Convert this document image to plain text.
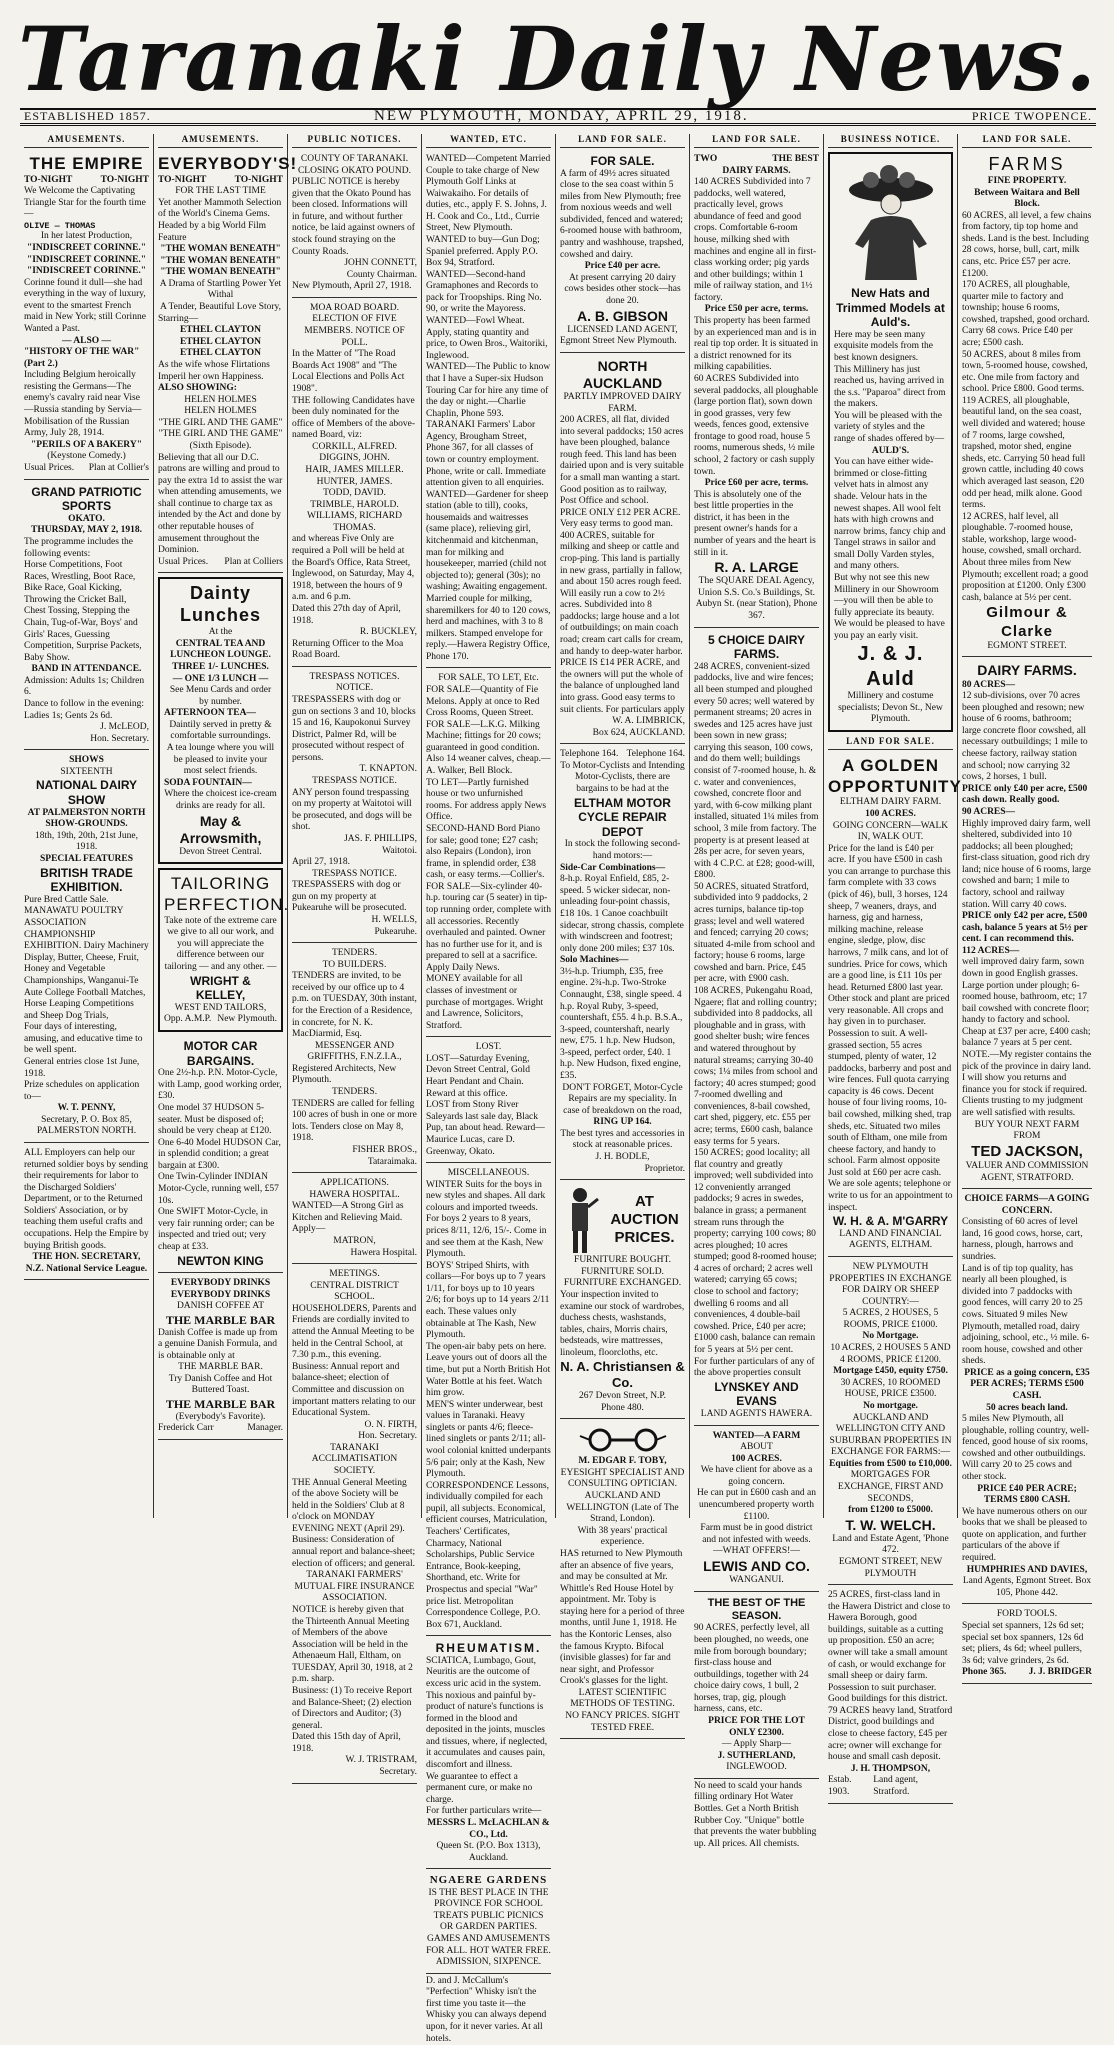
Taranaki Daily News.
ESTABLISHED 1857.	NEW PLYMOUTH, MONDAY, APRIL 29, 1918.	PRICE TWOPENCE.
AMUSEMENTS.
THE EMPIRE
TO-NIGHT	TO-NIGHT
We Welcome the Captivating Triangle Star for the fourth time—
OLIVE — THOMAS
In her latest Production,
"INDISCREET CORINNE."
"INDISCREET CORINNE."
"INDISCREET CORINNE."
Corinne found it dull—she had everything in the way of luxury, event to the smartest French maid in New York; still Corinne Wanted a Past.
— ALSO —
"HISTORY OF THE WAR" (Part 2.)
Including Belgium heroically resisting the Germans—The enemy's cavalry raid near Vise—Russia standing by Servia—Mobilisation of the Russian Army, July 28, 1914.
"PERILS OF A BAKERY"
(Keystone Comedy.)
Usual Prices. Plan at Collier's
GRAND PATRIOTIC SPORTS
OKATO.
THURSDAY, MAY 2, 1918.
The programme includes the following events:
Horse Competitions, Foot Races, Wrestling, Boot Race, Bike Race, Goal Kicking, Throwing the Cricket Ball, Chest Tossing, Stepping the Chain, Tug-of-War, Boys' and Girls' Races, Guessing Competition, Surprise Packets, Baby Show.
BAND IN ATTENDANCE.
Admission: Adults 1s; Children 6.
Dance to follow in the evening: Ladies 1s; Gents 2s 6d.
J. McLEOD,
Hon. Secretary.
SHOWS
SIXTEENTH
NATIONAL DAIRY SHOW
AT PALMERSTON NORTH SHOW-GROUNDS.
18th, 19th, 20th, 21st June, 1918.
SPECIAL FEATURES
BRITISH TRADE EXHIBITION.
Pure Bred Cattle Sale. MANAWATU POULTRY ASSOCIATION CHAMPIONSHIP EXHIBITION. Dairy Machinery Display, Butter, Cheese, Fruit, Honey and Vegetable Championships, Wanganui-Te Aute College Football Matches, Horse Leaping Competitions and Sheep Dog Trials,
Four days of interesting, amusing, and educative time to be well spent.
General entries close 1st June, 1918.
Prize schedules on application to—
W. T. PENNY,
Secretary, P. O. Box 85, PALMERSTON NORTH.
ALL Employers can help our returned soldier boys by sending their requirements for labor to the Discharged Soldiers' Department, or to the Returned Soldiers' Association, or by teaching them useful crafts and occupations. Help the Empire by buying British goods.
THE HON. SECRETARY, N.Z. National Service League.
AMUSEMENTS.
EVERYBODY'S!
TO-NIGHT	TO-NIGHT
FOR THE LAST TIME
Yet another Mammoth Selection of the World's Cinema Gems.
Headed by a big World Film Feature
"THE WOMAN BENEATH"
"THE WOMAN BENEATH"
"THE WOMAN BENEATH"
A Drama of Startling Power Yet Withal
A Tender, Beautiful Love Story,
Starring—
ETHEL CLAYTON
ETHEL CLAYTON
ETHEL CLAYTON
As the wife whose Flirtations Imperil her own Happiness.
ALSO SHOWING:
HELEN HOLMES
HELEN HOLMES
"THE GIRL AND THE GAME"
"THE GIRL AND THE GAME"
(Sixth Episode).
Believing that all our D.C. patrons are willing and proud to pay the extra 1d to assist the war when attending amusements, we shall continue to charge tax as intended by the Act and done by other reputable houses of amusement throughout the Dominion.
Usual Prices. Plan at Colliers
Dainty Lunches
At the
CENTRAL TEA AND LUNCHEON LOUNGE.
THREE 1/- LUNCHES.
— ONE 1/3 LUNCH —
See Menu Cards and order by number.
AFTERNOON TEA—
Daintily served in pretty & comfortable surroundings.
A tea lounge where you will be pleased to invite your most select friends.
SODA FOUNTAIN—
Where the choicest ice-cream drinks are ready for all.
May & Arrowsmith,
Devon Street Central.
TAILORING PERFECTION.
Take note of the extreme care we give to all our work, and you will appreciate the difference between our tailoring — and any other. —
WRIGHT & KELLEY,
WEST END TAILORS,
Opp. A.M.P. New Plymouth.
MOTOR CAR BARGAINS.
One 2½-h.p. P.N. Motor-Cycle, with Lamp, good working order, £30.
One model 37 HUDSON 5-seater. Must be disposed of; should be very cheap at £120.
One 6-40 Model HUDSON Car, in splendid condition; a great bargain at £300.
One Twin-Cylinder INDIAN Motor-Cycle, running well, £57 10s.
One SWIFT Motor-Cycle, in very fair running order; can be inspected and tried out; very cheap at £33.
NEWTON KING
EVERYBODY DRINKS
EVERYBODY DRINKS
DANISH COFFEE AT
THE MARBLE BAR
Danish Coffee is made up from a genuine Danish Formula, and is obtainable only at
THE MARBLE BAR.
Try Danish Coffee and Hot Buttered Toast.
THE MARBLE BAR
(Everybody's Favorite).
Frederick Carr	Manager.
PUBLIC NOTICES.
COUNTY OF TARANAKI.
CLOSING OKATO POUND.
PUBLIC NOTICE is hereby given that the Okato Pound has been closed. Informations will in future, and without further notice, be laid against owners of stock found straying on the County Roads.
JOHN CONNETT,
County Chairman.
New Plymouth, April 27, 1918.
MOA ROAD BOARD.
ELECTION OF FIVE MEMBERS. NOTICE OF POLL.
In the Matter of "The Road Boards Act 1908" and "The Local Elections and Polls Act 1908".
THE following Candidates have been duly nominated for the office of Members of the above-named Board, viz:
CORKILL, ALFRED.
DIGGINS, JOHN.
HAIR, JAMES MILLER.
HUNTER, JAMES.
TODD, DAVID.
TRIMBLE, HAROLD.
WILLIAMS, RICHARD THOMAS.
and whereas Five Only are required a Poll will be held at the Board's Office, Rata Street, Inglewood, on Saturday, May 4, 1918, between the hours of 9 a.m. and 6 p.m.
Dated this 27th day of April, 1918.
R. BUCKLEY,
Returning Officer to the Moa Road Board.
TRESPASS NOTICES.
NOTICE.
TRESPASSERS with dog or gun on sections 3 and 10, blocks 15 and 16, Kaupokonui Survey District, Palmer Rd, will be prosecuted without respect of persons.
T. KNAPTON.
TRESPASS NOTICE.
ANY person found trespassing on my property at Waitotoi will be prosecuted, and dogs will be shot.
JAS. F. PHILLIPS,
Waitotoi.
April 27, 1918.
TRESPASS NOTICE.
TRESPASSERS with dog or gun on my property at Pukearuhe will be prosecuted.
H. WELLS,
Pukearuhe.
TENDERS.
TO BUILDERS.
TENDERS are invited, to be received by our office up to 4 p.m. on TUESDAY, 30th instant, for the Erection of a Residence, in concrete, for N. K. MacDiarmid, Esq.
MESSENGER AND GRIFFITHS, F.N.Z.I.A.,
Registered Architects, New Plymouth.
TENDERS.
TENDERS are called for felling 100 acres of bush in one or more lots. Tenders close on May 8, 1918.
FISHER BROS.,
Tataraimaka.
APPLICATIONS.
HAWERA HOSPITAL.
WANTED—A Strong Girl as Kitchen and Relieving Maid. Apply—
MATRON,
Hawera Hospital.
MEETINGS.
CENTRAL DISTRICT SCHOOL.
HOUSEHOLDERS, Parents and Friends are cordially invited to attend the Annual Meeting to be held in the Central School, at 7.30 p.m., this evening. Business: Annual report and balance-sheet; election of Committee and discussion on important matters relating to our Educational System.
O. N. FIRTH,
Hon. Secretary.
TARANAKI ACCLIMATISATION SOCIETY.
THE Annual General Meeting of the above Society will be held in the Soldiers' Club at 8 o'clock on MONDAY EVENING NEXT (April 29). Business: Consideration of annual report and balance-sheet; election of officers; and general.
TARANAKI FARMERS' MUTUAL FIRE INSURANCE ASSOCIATION.
NOTICE is hereby given that the Thirteenth Annual Meeting of Members of the above Association will be held in the Athenaeum Hall, Eltham, on TUESDAY, April 30, 1918, at 2 p.m. sharp.
Business: (1) To receive Report and Balance-Sheet; (2) election of Directors and Auditor; (3) general.
Dated this 15th day of April, 1918.
W. J. TRISTRAM,
Secretary.
WANTED, ETC.
WANTED—Competent Married Couple to take charge of New Plymouth Golf Links at Waiwakaiho. For details of duties, etc., apply F. S. Johns, J. H. Cook and Co., Ltd., Currie Street, New Plymouth.
WANTED to buy—Gun Dog; Spaniel preferred. Apply P.O. Box 94, Stratford.
WANTED—Second-hand Gramaphones and Records to pack for Troopships. Ring No. 90, or write the Mayoress.
WANTED—Fowl Wheat. Apply, stating quantity and price, to Owen Bros., Waitoriki, Inglewood.
WANTED—The Public to know that I have a Super-six Hudson Touring Car for hire any time of the day or night.—Charlie Chaplin, Phone 593.
TARANAKI Farmers' Labor Agency, Brougham Street, Phone 367, for all classes of town or country employment. Phone, write or call. Immediate attention given to all enquiries.
WANTED—Gardener for sheep station (able to till), cooks, housemaids and waitresses (same place), relieving girl, kitchenmaid and kitchenman, man for milking and housekeeper, married (child not objected to); general (30s); no washing; Awaiting engagement. Married couple for milking, sharemilkers for 40 to 120 cows, herd and machines, with 3 to 8 milkers. Stamped envelope for reply.—Hawera Registry Office, Phone 170.
FOR SALE, TO LET, Etc.
FOR SALE—Quantity of Fie Melons. Apply at once to Red Cross Rooms, Queen Street.
FOR SALE—L.K.G. Milking Machine; fittings for 20 cows; guaranteed in good condition. Also 14 weaner calves, cheap.—A. Walker, Bell Block.
TO LET—Partly furnished house or two unfurnished rooms. For address apply News Office.
SECOND-HAND Bord Piano for sale; good tone; £27 cash; also Repairs (London), iron frame, in splendid order, £38 cash, or easy terms.—Collier's.
FOR SALE—Six-cylinder 40-h.p. touring car (5 seater) in tip-top running order, complete with all accessories. Recently overhauled and painted. Owner has no further use for it, and is prepared to sell at a sacrifice. Apply Daily News.
MONEY available for all classes of investment or purchase of mortgages. Wright and Lawrence, Solicitors, Stratford.
LOST.
LOST—Saturday Evening, Devon Street Central, Gold Heart Pendant and Chain. Reward at this office.
LOST from Stony River Saleyards last sale day, Black Pup, tan about head. Reward—Maurice Lucas, care D. Greenway, Okato.
MISCELLANEOUS.
WINTER Suits for the boys in new styles and shapes. All dark colours and imported tweeds. For boys 2 years to 8 years, prices 8/11, 12/6, 15/-. Come in and see them at the Kash, New Plymouth.
BOYS' Striped Shirts, with collars—For boys up to 7 years 1/11, for boys up to 10 years 2/6; for boys up to 14 years 2/11 each. These values only obtainable at The Kash, New Plymouth.
The open-air baby pets on here. Leave yours out of doors all the time, but put a North British Hot Water Bottle at his feet. Watch him grow.
MEN'S winter underwear, best values in Taranaki. Heavy singlets or pants 4/6; fleece-lined singlets or pants 2/11; all-wool colonial knitted underpants 5/6 pair; only at the Kash, New Plymouth.
CORRESPONDENCE Lessons, individually compiled for each pupil, all subjects. Economical, efficient courses, Matriculation, Teachers' Certificates, Charmacy, National Scholarships, Public Service Entrance, Book-keeping, Shorthand, etc. Write for Prospectus and special "War" price list. Metropolitan Correspondence College, P.O. Box 671, Auckland.
RHEUMATISM.
SCIATICA, Lumbago, Gout, Neuritis are the outcome of excess uric acid in the system. This noxious and painful by-product of nature's functions is formed in the blood and deposited in the joints, muscles and tissues, where, if neglected, it accumulates and causes pain, discomfort and illness.
We guarantee to effect a permanent cure, or make no charge.
For further particulars write—
MESSRS L. McLACHLAN & CO., Ltd.
Queen St. (P.O. Box 1313), Auckland.
NGAERE GARDENS
IS THE BEST PLACE IN THE PROVINCE FOR SCHOOL TREATS PUBLIC PICNICS OR GARDEN PARTIES.
GAMES AND AMUSEMENTS FOR ALL. HOT WATER FREE. ADMISSION, SIXPENCE.
D. and J. McCallum's "Perfection" Whisky isn't the first time you taste it—the Whisky you can always depend upon, for it never varies. At all hotels.
LAND FOR SALE.
FOR SALE.
A farm of 49½ acres situated close to the sea coast within 5 miles from New Plymouth; free from noxious weeds and well subdivided, fenced and watered; 6-roomed house with bathroom, pantry and washhouse, trapshed, cowshed and dairy.
Price £40 per acre.
At present carrying 20 dairy cows besides other stock—has done 20.
A. B. GIBSON
LICENSED LAND AGENT,
Egmont Street New Plymouth.
NORTH AUCKLAND
PARTLY IMPROVED DAIRY FARM.
200 ACRES, all flat, divided into several paddocks; 150 acres have been ploughed, balance rough feed. This land has been dairied upon and is very suitable for a small man wanting a start. Good position as to railway, Post Office and school.
PRICE ONLY £12 PER ACRE. Very easy terms to good man.
400 ACRES, suitable for milking and sheep or cattle and crop-ping. This land is partially in new grass, partially in fallow, and about 150 acres rough feed. Will easily run a cow to 2½ acres. Subdivided into 8 paddocks; large house and a lot of outbuildings; on main coach road; cream cart calls for cream, and handy to deep-water harbor. PRICE IS £14 PER ACRE, and the owners will put the whole of the balance of unploughed land into grass. Good easy terms to suit clients. For particulars apply
W. A. LIMBRICK,
Box 624, AUCKLAND.
Telephone 164. Telephone 164.
To Motor-Cyclists and Intending Motor-Cyclists, there are bargains to be had at the
ELTHAM MOTOR CYCLE REPAIR DEPOT
In stock the following second-hand motors:—
Side-Car Combinations—
8-h.p. Royal Enfield, £85, 2-speed. 5 wicker sidecar, non-unleading four-point chassis, £18 10s. 1 Canoe coachbuilt sidecar, strong chassis, complete with windscreen and footrest; only done 200 miles; £37 10s.
Solo Machines—
3½-h.p. Triumph, £35, free engine. 2¾-h.p. Two-Stroke Connaught, £38, single speed. 4 h.p. Royal Ruby, 3-speed, countershaft, £55. 4 h.p. B.S.A., 3-speed, countershaft, nearly new, £75. 1 h.p. New Hudson, 3-speed, perfect order, £40. 1 h.p. New Hudson, fixed engine, £35.
DON'T FORGET, Motor-Cycle Repairs are my speciality. In case of breakdown on the road,
RING UP 164.
The best tyres and accessories in stock at reasonable prices.
J. H. BODLE,
Proprietor.
AT AUCTION PRICES.
FURNITURE BOUGHT. FURNITURE SOLD. FURNITURE EXCHANGED.
Your inspection invited to examine our stock of wardrobes, duchess chests, washstands, tables, chairs, Morris chairs, bedsteads, wire mattresses, linoleum, floorcloths, etc.
N. A. Christiansen & Co.
267 Devon Street, N.P.
Phone 480.
M. EDGAR F. TOBY,
EYESIGHT SPECIALIST AND CONSULTING OPTICIAN.
AUCKLAND AND WELLINGTON (Late of The Strand, London).
With 38 years' practical experience.
HAS returned to New Plymouth after an absence of five years, and may be consulted at Mr. Whittle's Red House Hotel by appointment. Mr. Toby is staying here for a period of three months, until June 1, 1918. He has the Kontoric Lenses, also the famous Krypto. Bifocal (invisible glasses) for far and near sight, and Professor Crook's glasses for the light.
LATEST SCIENTIFIC METHODS OF TESTING.
NO FANCY PRICES. SIGHT TESTED FREE.
LAND FOR SALE.
TWO	THE BEST
DAIRY FARMS.
140 ACRES Subdivided into 7 paddocks, well watered, practically level, grows abundance of feed and good crops. Comfortable 6-room house, milking shed with machines and engine all in first-class working order; pig yards and other buildings; within 1 mile of railway station, and 1½ factory.
Price £50 per acre, terms.
This property has been farmed by an experienced man and is in real tip top order. It is situated in a district renowned for its milking capabilities.
60 ACRES Subdivided into several paddocks, all ploughable (large portion flat), sown down in good grasses, very few weeds, fences good, extensive frontage to good road, house 5 rooms, numerous sheds, ½ mile school, 2 factory or cash supply town.
Price £60 per acre, terms.
This is absolutely one of the best little properties in the district, it has been in the present owner's hands for a number of years and the heart is still in it.
R. A. LARGE
The SQUARE DEAL Agency,
Union S.S. Co.'s Buildings, St. Aubyn St. (near Station), Phone 367.
5 CHOICE DAIRY FARMS.
248 ACRES, convenient-sized paddocks, live and wire fences; all been stumped and ploughed every 50 acres; well watered by permanent streams; 20 acres in swedes and 125 acres have just been sown in new grass; carrying this season, 100 cows, and do them well; buildings consist of 7-roomed house, h. & c. water and conveniences, cowshed, concrete floor and yard, with 6-cow milking plant installed, situated 1¼ miles from school, 3 mile from factory. The property is at present leased at 28s per acre, for seven years, with 4 C.P.C. at £28; good-will, £800.
50 ACRES, situated Stratford, subdivided into 9 paddocks, 2 acres turnips, balance tip-top grass; level and well watered and fenced; carrying 20 cows; situated 4-mile from school and factory; house 6 rooms, large cowshed and barn. Price, £45 per acre, with £900 cash.
108 ACRES, Pukengahu Road, Ngaere; flat and rolling country; subdivided into 8 paddocks, all ploughable and in grass, with good shelter bush; wire fences and watered throughout by natural streams; carrying 30-40 cows; 1¼ miles from school and factory; 40 acres stumped; good 7-roomed dwelling and conveniences, 8-bail cowshed, cart shed, piggery, etc. £55 per acre; terms, £600 cash, balance easy terms for 5 years.
150 ACRES; good locality; all flat country and greatly improved; well subdivided into 12 conveniently arranged paddocks; 9 acres in swedes, balance in grass; a permanent stream runs through the property; carrying 100 cows; 80 acres ploughed; 10 acres stumped; good 8-roomed house; 4 acres of orchard; 2 acres well watered; carrying 65 cows; close to school and factory; dwelling 6 rooms and all conveniences, 4 double-bail cowshed. Price, £40 per acre; £1000 cash, balance can remain for 5 years at 5½ per cent.
For further particulars of any of the above properties consult
LYNSKEY AND EVANS
LAND AGENTS HAWERA.
WANTED—A FARM
ABOUT
100 ACRES.
We have client for above as a going concern.
He can put in £600 cash and an unencumbered property worth £1100.
Farm must be in good district and not infested with weeds.
—WHAT OFFERS!—
LEWIS AND CO.
WANGANUI.
THE BEST OF THE SEASON.
90 ACRES, perfectly level, all been ploughed, no weeds, one mile from borough boundary; first-class house and outbuildings, together with 24 choice dairy cows, 1 bull, 2 horses, trap, gig, plough harness, cans, etc.
PRICE FOR THE LOT ONLY £2300.
— Apply Sharp—
J. SUTHERLAND,
INGLEWOOD.
No need to scald your hands filling ordinary Hot Water Bottles. Get a North British Rubber Coy. "Unique" bottle that prevents the water bubbling up. All prices. All chemists.
BUSINESS NOTICE.
New Hats and Trimmed Models at Auld's.
Here may be seen many exquisite models from the best known designers.
This Millinery has just reached us, having arrived in the s.s. "Paparoa" direct from the makers.
You will be pleased with the variety of styles and the range of shades offered by—
AULD'S.
You can have either wide-brimmed or close-fitting velvet hats in almost any shade. Velour hats in the newest shapes. All wool felt hats with high crowns and narrow brims, fancy chip and Tangel straws in sailor and small Dolly Varden styles, and many others.
But why not see this new Millinery in our Showroom—you will then be able to fully appreciate its beauty.
We would be pleased to have you pay an early visit.
J. & J. Auld
Millinery and costume specialists; Devon St., New Plymouth.
LAND FOR SALE.
A GOLDEN OPPORTUNITY
ELTHAM DAIRY FARM.
100 ACRES.
GOING CONCERN—WALK IN, WALK OUT.
Price for the land is £40 per acre. If you have £500 in cash you can arrange to purchase this farm complete with 33 cows (pick of 46), bull, 3 horses, 124 sheep, 7 weaners, drays, and harness, gig and harness, milking machine, release engine, sledge, plow, disc harrows, 7 milk cans, and lot of sundries. Price for cows, which are a good line, is £11 10s per head. Returned £800 last year. Other stock and plant are priced very reasonable. All crops and hay given in to purchaser. Possession to suit. A well-grassed section, 55 acres stumped, plenty of water, 12 paddocks, barberry and post and wire fences. Full quota carrying capacity is 46 cows. Decent house of four living rooms, 10-bail cowshed, milking shed, trap sheds, etc. Situated two miles south of Eltham, one mile from cheese factory, and handy to school. Farm almost opposite Just sold at £60 per acre cash. We are sole agents; telephone or write to us for an appointment to inspect.
W. H. & A. M'GARRY
LAND AND FINANCIAL AGENTS, ELTHAM.
NEW PLYMOUTH PROPERTIES IN EXCHANGE FOR DAIRY OR SHEEP COUNTRY:—
5 ACRES, 2 HOUSES, 5 ROOMS, PRICE £1000.
No Mortgage.
10 ACRES, 2 HOUSES 5 AND 4 ROOMS, PRICE £1200.
Mortgage £450, equity £750.
30 ACRES, 10 ROOMED HOUSE, PRICE £3500.
No mortgage.
AUCKLAND AND WELLINGTON CITY AND SUBURBAN PROPERTIES IN EXCHANGE FOR FARMS:—
Equities from £500 to £10,000.
MORTGAGES FOR EXCHANGE, FIRST AND SECONDS,
from £1200 to £5000.
T. W. WELCH.
Land and Estate Agent, 'Phone 472.
EGMONT STREET, NEW PLYMOUTH
25 ACRES, first-class land in the Hawera District and close to Hawera Borough, good buildings, suitable as a cutting up proposition. £50 an acre; owner will take a small amount of cash, or would exchange for small sheep or dairy farm. Possession to suit purchaser. Good buildings for this district.
79 ACRES heavy land, Stratford District, good buildings and close to cheese factory, £45 per acre; owner will exchange for house and small cash deposit.
J. H. THOMPSON,
Estab. 1903.
Land agent, Stratford.
LAND FOR SALE.
FARMS
FINE PROPERTY.
Between Waitara and Bell Block.
60 ACRES, all level, a few chains from factory, tip top home and sheds. Land is the best. Including 28 cows, horse, bull, cart, milk cans, etc. Price £57 per acre. £1200.
170 ACRES, all ploughable, quarter mile to factory and township; house 6 rooms, cowshed, trapshed, good orchard. Carry 68 cows. Price £40 per acre; £500 cash.
50 ACRES, about 8 miles from town, 5-roomed house, cowshed, etc. One mile from factory and school. Price £800. Good terms.
119 ACRES, all ploughable, beautiful land, on the sea coast, well divided and watered; house of 7 rooms, large cowshed, trapshed, motor shed, engine sheds, etc. Carrying 50 head full grown cattle, including 40 cows which averaged last season, £20 odd per head, milk alone. Good terms.
12 ACRES, half level, all ploughable. 7-roomed house, stable, workshop, large wood-house, cowshed, small orchard. About three miles from New Plymouth; excellent road; a good proposition at £1200. Only £300 cash, balance at 5½ per cent.
Gilmour & Clarke
EGMONT STREET.
DAIRY FARMS.
80 ACRES—
12 sub-divisions, over 70 acres been ploughed and resown; new house of 6 rooms, bathroom; large concrete floor cowshed, all necessary outbuildings; 1 mile to cheese factory, railway station and school; now carrying 32 cows, 2 horses, 1 bull.
PRICE only £40 per acre, £500 cash down. Really good.
90 ACRES—
Highly improved dairy farm, well sheltered, subdivided into 10 paddocks; all been ploughed; first-class situation, good rich dry land; nice house of 6 rooms, large cowshed and barn; 1 mile to factory, school and railway station. Will carry 40 cows.
PRICE only £42 per acre, £500 cash, balance 5 years at 5½ per cent. I can recommend this.
112 ACRES—
well improved dairy farm, sown down in good English grasses. Large portion under plough; 6-roomed house, bathroom, etc; 17 bail cowshed with concrete floor; handy to factory and school. Cheap at £37 per acre, £400 cash; balance 7 years at 5 per cent.
NOTE.—My register contains the pick of the province in dairy land. I will show you returns and finance you for stock if required. Clients trusting to my judgment are well satisfied with results.
BUY YOUR NEXT FARM FROM
TED JACKSON,
VALUER AND COMMISSION AGENT, STRATFORD.
CHOICE FARMS—A GOING CONCERN.
Consisting of 60 acres of level land, 16 good cows, horse, cart, harness, plough, harrows and sundries.
Land is of tip top quality, has nearly all been ploughed, is divided into 7 paddocks with good fences, will carry 20 to 25 cows. Situated 9 miles New Plymouth, metalled road, dairy adjoining, school, etc., ½ mile. 6-room house, cowshed and other sheds.
PRICE as a going concern, £35 PER ACRES; TERMS £500 CASH.
50 acres beach land.
5 miles New Plymouth, all ploughable, rolling country, well-fenced, good house of six rooms, cowshed and other outbuildings. Will carry 20 to 25 cows and other stock.
PRICE £40 PER ACRE; TERMS £800 CASH.
We have numerous others on our books that we shall be pleased to quote on application, and further particulars of the above if required.
HUMPHRIES AND DAVIES,
Land Agents, Egmont Street. Box 105, Phone 442.
FORD TOOLS.
Special set spanners, 12s 6d set; special set box spanners, 12s 6d set; pliers, 4s 6d; wheel pullers, 3s 6d; valve grinders, 2s 6d.
Phone 365. J. J. BRIDGER
